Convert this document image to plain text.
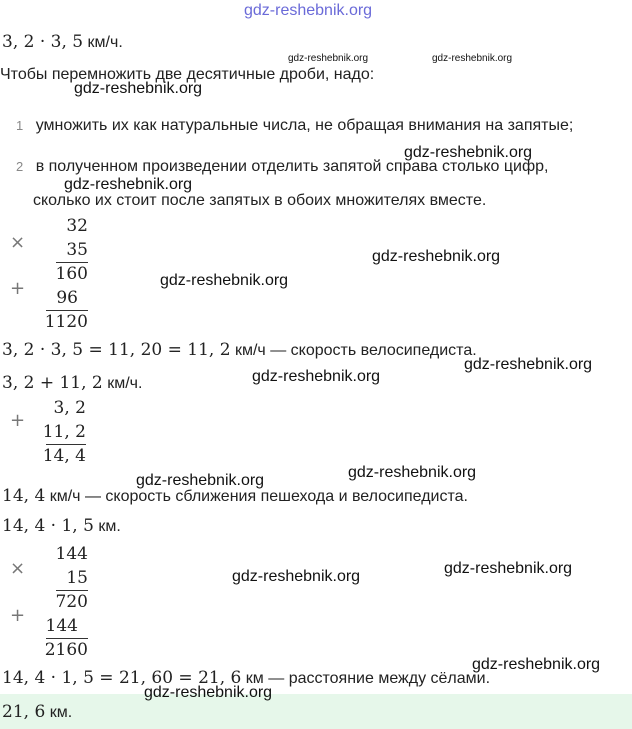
gdz-reshebnik.org
3, 2 · 3, 5 км/ч.
gdz-reshebnik.org	gdz-reshebnik.org
Чтобы перемножить две десятичные дроби, надо:
gdz-reshebnik.org
1 умножить их как натуральные числа, не обращая внимания на запятые;
gdz-reshebnik.org
2 в полученном произведении отделить запятой справа столько цифр,
gdz-reshebnik.org
сколько их стоит после запятых в обоих множителях вместе.
×
32
35
160
+	96
1120
gdz-reshebnik.org
gdz-reshebnik.org
3, 2 · 3, 5 = 11, 20 = 11, 2 км/ч — скорость велосипедиста.
gdz-reshebnik.org
3, 2 + 11, 2 км/ч.	gdz-reshebnik.org
+
3, 2
11, 2
14, 4
gdz-reshebnik.org
gdz-reshebnik.org
14, 4 км/ч — скорость сближения пешехода и велосипедиста.
14, 4 · 1, 5 км.
×
144
15
720
+	144
2160
gdz-reshebnik.org
gdz-reshebnik.org
gdz-reshebnik.org
14, 4 · 1, 5 = 21, 60 = 21, 6 км — расстояние между сёлами.
gdz-reshebnik.org
21, 6 км.
